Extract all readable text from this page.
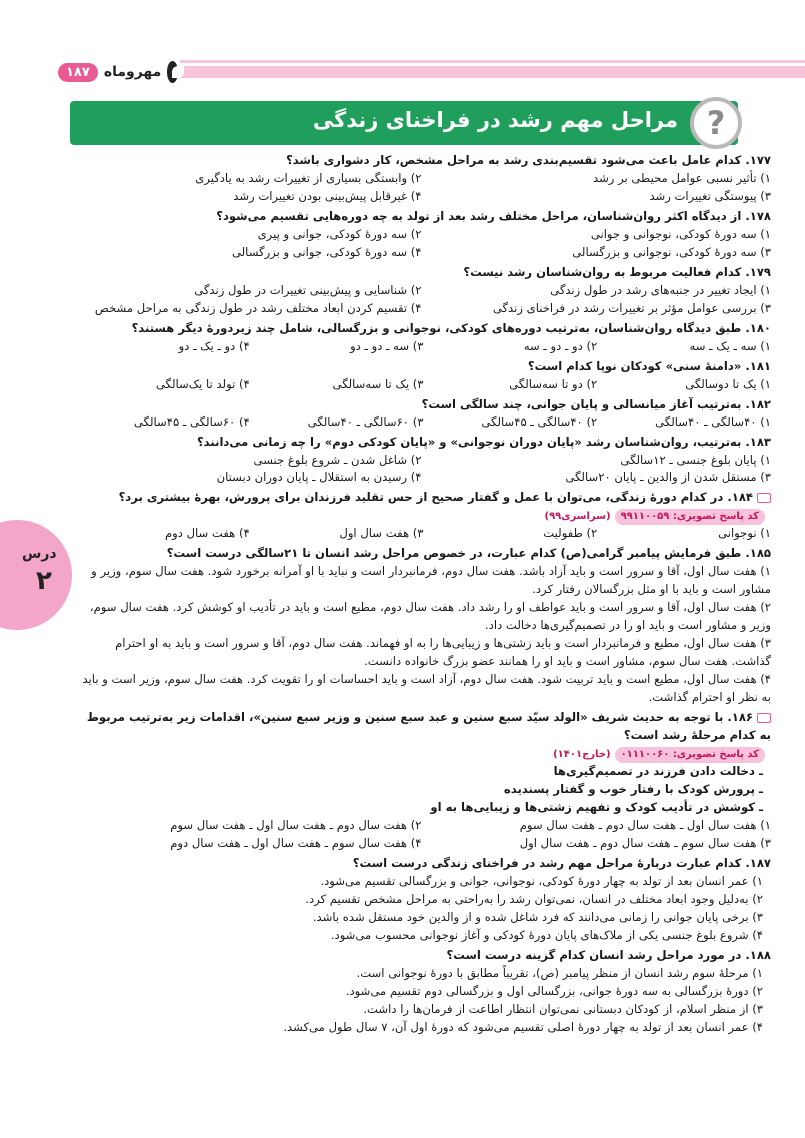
۱۸۷	مهروماه
مراحل مهم رشد در فراخنای زندگی ?
درس
۲
۱۷۷. کدام عامل باعث می‌شود تقسیم‌بندی رشد به مراحل مشخص، کار دشواری باشد؟
۱) تأثیر نسبی عوامل محیطی بر رشد
۲) وابستگی بسیاری از تغییرات رشد به یادگیری
۳) پیوستگی تغییرات رشد
۴) غیرقابل پیش‌بینی بودن تغییرات رشد
۱۷۸. از دیدگاه اکثر روان‌شناسان، مراحل مختلف رشد بعد از تولد به چه دوره‌هایی تقسیم می‌شود؟
۱) سه دورهٔ کودکی، نوجوانی و جوانی
۲) سه دورهٔ کودکی، جوانی و پیری
۳) سه دورهٔ کودکی، نوجوانی و بزرگسالی
۴) سه دورهٔ کودکی، جوانی و بزرگسالی
۱۷۹. کدام فعالیت مربوط به روان‌شناسان رشد نیست؟
۱) ایجاد تغییر در جنبه‌های رشد در طول زندگی
۲) شناسایی و پیش‌بینی تغییرات در طول زندگی
۳) بررسی عوامل مؤثر بر تغییرات رشد در فراخنای زندگی
۴) تقسیم کردن ابعاد مختلف رشد در طول زندگی به مراحل مشخص
۱۸۰. طبق دیدگاه روان‌شناسان، به‌ترتیب دوره‌های کودکی، نوجوانی و بزرگسالی، شامل چند زیردورهٔ دیگر هستند؟
۱) سه ـ یک ـ سه
۲) دو ـ دو ـ سه
۳) سه ـ دو ـ دو
۴) دو ـ یک ـ دو
۱۸۱. «دامنهٔ سنی» کودکان نوپا کدام است؟
۱) یک تا دوسالگی
۲) دو تا سه‌سالگی
۳) یک تا سه‌سالگی
۴) تولد تا یک‌سالگی
۱۸۲. به‌ترتیب آغاز میانسالی و پایان جوانی، چند سالگی است؟
۱) ۴۰سالگی ـ ۴۰سالگی
۲) ۴۰سالگی ـ ۴۵سالگی
۳) ۶۰سالگی ـ ۴۰سالگی
۴) ۶۰سالگی ـ ۴۵سالگی
۱۸۳. به‌ترتیب، روان‌شناسان رشد «پایان دوران نوجوانی» و «پایان کودکی دوم» را چه زمانی می‌دانند؟
۱) پایان بلوغ جنسی ـ ۱۲سالگی
۲) شاغل شدن ـ شروع بلوغ جنسی
۳) مستقل شدن از والدین ـ پایان ۲۰سالگی
۴) رسیدن به استقلال ـ پایان دوران دبستان
۱۸۴. در کدام دورهٔ زندگی، می‌توان با عمل و گفتار صحیح از حس تقلید فرزندان برای پرورش، بهرهٔ بیشتری برد؟کد پاسخ تصویری: ۹۹۱۱۰۰۵۹(سراسری۹۹)
۱) نوجوانی
۲) طفولیت
۳) هفت سال اول
۴) هفت سال دوم
۱۸۵. طبق فرمایش پیامبر گرامی(ص) کدام عبارت، در خصوص مراحل رشد انسان تا ۲۱سالگی درست است؟
۱) هفت سال اول، آقا و سرور است و باید آزاد باشد. هفت سال دوم، فرمانبردار است و نباید با او آمرانه برخورد شود. هفت سال سوم، وزیر و مشاور است و باید با او مثل بزرگسالان رفتار کرد.
۲) هفت سال اول، آقا و سرور است و باید عواطف او را رشد داد. هفت سال دوم، مطیع است و باید در تأدیب او کوشش کرد. هفت سال سوم، وزیر و مشاور است و باید او را در تصمیم‌گیری‌ها دخالت داد.
۳) هفت سال اول، مطیع و فرمانبردار است و باید زشتی‌ها و زیبایی‌ها را به او فهماند. هفت سال دوم، آقا و سرور است و باید به او احترام گذاشت. هفت سال سوم، مشاور است و باید او را همانند عضو بزرگ خانواده دانست.
۴) هفت سال اول، مطیع است و باید تربیت شود. هفت سال دوم، آزاد است و باید احساسات او را تقویت کرد. هفت سال سوم، وزیر است و باید به نظر او احترام گذاشت.
۱۸۶. با توجه به حدیث شریف «الولد سیّد سبع سنین و عبد سبع سنین و وزیر سبع سنین»، اقدامات زیر به‌ترتیب مربوط به کدام مرحلهٔ رشد است؟
کد پاسخ تصویری: ۰۱۱۱۰۰۶۰(خارج۱۴۰۱)
ـ دخالت دادن فرزند در تصمیم‌گیری‌ها
ـ پرورش کودک با رفتار خوب و گفتار پسندیده
ـ کوشش در تأدیب کودک و تفهیم زشتی‌ها و زیبایی‌ها به او
۱) هفت سال اول ـ هفت سال دوم ـ هفت سال سوم
۲) هفت سال دوم ـ هفت سال اول ـ هفت سال سوم
۳) هفت سال سوم ـ هفت سال دوم ـ هفت سال اول
۴) هفت سال سوم ـ هفت سال اول ـ هفت سال دوم
۱۸۷. کدام عبارت دربارهٔ مراحل مهم رشد در فراخنای زندگی درست است؟
۱) عمر انسان بعد از تولد به چهار دورهٔ کودکی، نوجوانی، جوانی و بزرگسالی تقسیم می‌شود.
۲) به‌دلیل وجود ابعاد مختلف در انسان، نمی‌توان رشد را به‌راحتی به مراحل مشخص تقسیم کرد.
۳) برخی پایان جوانی را زمانی می‌دانند که فرد شاغل شده و از والدین خود مستقل شده باشد.
۴) شروع بلوغ جنسی یکی از ملاک‌های پایان دورهٔ کودکی و آغاز نوجوانی محسوب می‌شود.
۱۸۸. در مورد مراحل رشد انسان کدام گزینه درست است؟
۱) مرحلهٔ سوم رشد انسان از منظر پیامبر (ص)، تقریباً مطابق با دورهٔ نوجوانی است.
۲) دورهٔ بزرگسالی به سه دورهٔ جوانی، بزرگسالی اول و بزرگسالی دوم تقسیم می‌شود.
۳) از منظر اسلام، از کودکان دبستانی نمی‌توان انتظار اطاعت از فرمان‌ها را داشت.
۴) عمر انسان بعد از تولد به چهار دورهٔ اصلی تقسیم می‌شود که دورهٔ اول آن، ۷ سال طول می‌کشد.
